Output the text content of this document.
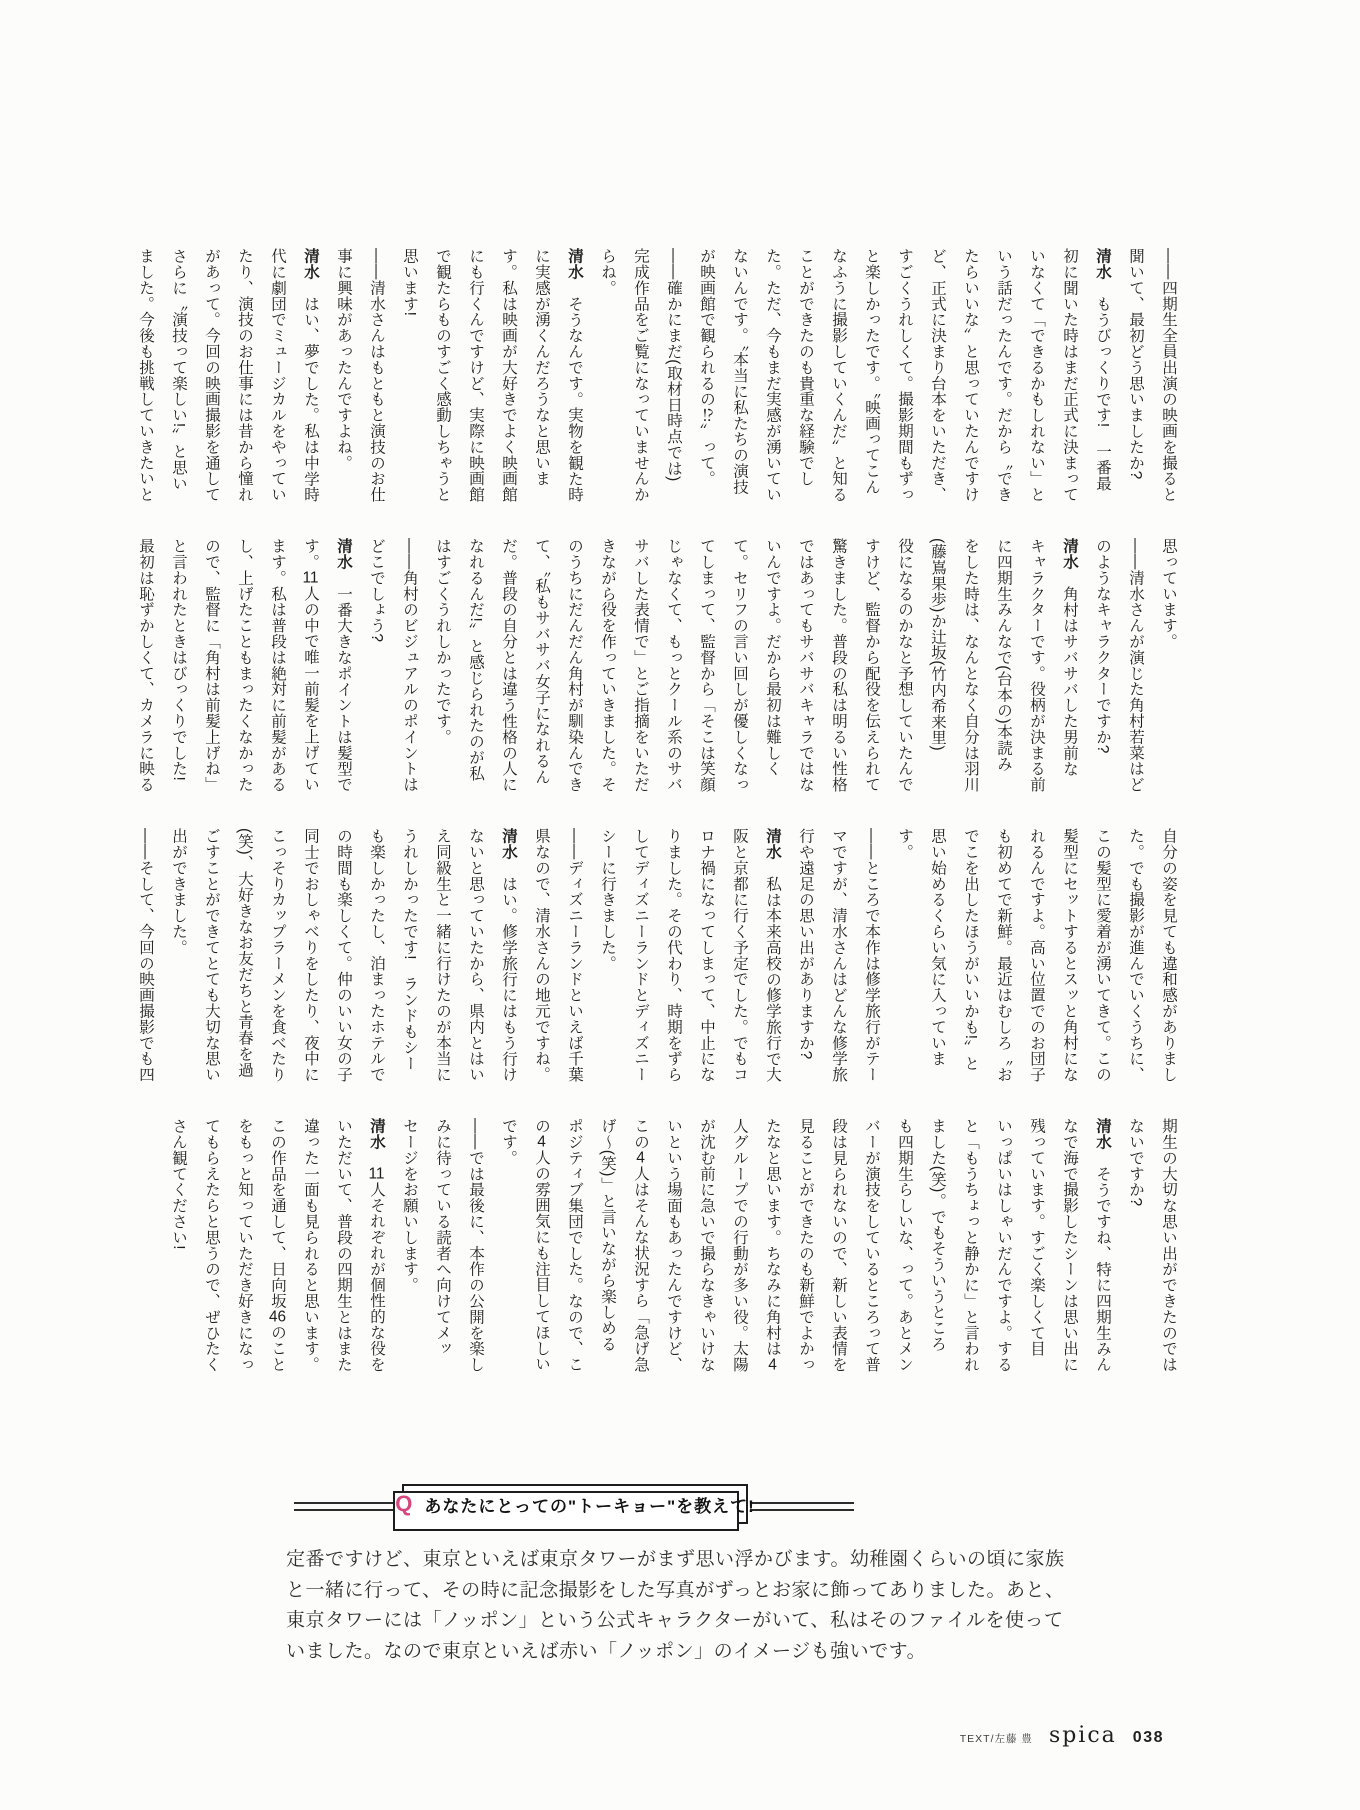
——四期生全員出演の映画を撮ると
聞いて、最初どう思いましたか?
清水　もうびっくりです!　一番最
初に聞いた時はまだ正式に決まって
いなくて「できるかもしれない」と
いう話だったんです。だから〝でき
たらいいな〟と思っていたんですけ
ど、正式に決まり台本をいただき、
すごくうれしくて。撮影期間もずっ
と楽しかったです。〝映画ってこん
なふうに撮影していくんだ〟と知る
ことができたのも貴重な経験でし
た。ただ、今もまだ実感が湧いてい
ないんです。〝本当に私たちの演技
が映画館で観られるの⁉〟って。
——確かにまだ(取材日時点では)
完成作品をご覧になっていませんか
らね。
清水　そうなんです。実物を観た時
に実感が湧くんだろうなと思いま
す。私は映画が大好きでよく映画館
にも行くんですけど、実際に映画館
で観たらものすごく感動しちゃうと
思います!
——清水さんはもともと演技のお仕
事に興味があったんですよね。
清水　はい、夢でした。私は中学時
代に劇団でミュージカルをやってい
たり、演技のお仕事には昔から憧れ
があって。今回の映画撮影を通して
さらに〝演技って楽しい!〟と思い
ました。今後も挑戦していきたいと
思っています。
——清水さんが演じた角村若菜はど
のようなキャラクターですか?
清水　角村はサバサバした男前な
キャラクターです。役柄が決まる前
に四期生みんなで(台本の)本読み
をした時は、なんとなく自分は羽川
(藤嶌果歩)か辻坂(竹内希来里)
役になるのかなと予想していたんで
すけど、監督から配役を伝えられて
驚きました。普段の私は明るい性格
ではあってもサバサバキャラではな
いんですよ。だから最初は難しく
て。セリフの言い回しが優しくなっ
てしまって、監督から「そこは笑顔
じゃなくて、もっとクール系のサバ
サバした表情で」とご指摘をいただ
きながら役を作っていきました。そ
のうちにだんだん角村が馴染んでき
て、〝私もサバサバ女子になれるん
だ。普段の自分とは違う性格の人に
なれるんだ!〟と感じられたのが私
はすごくうれしかったです。
——角村のビジュアルのポイントは
どこでしょう?
清水　一番大きなポイントは髪型で
す。11人の中で唯一前髪を上げてい
ます。私は普段は絶対に前髪がある
し、上げたこともまったくなかった
ので、監督に「角村は前髪上げね」
と言われたときはびっくりでした!
最初は恥ずかしくて、カメラに映る
自分の姿を見ても違和感がありまし
た。でも撮影が進んでいくうちに、
この髪型に愛着が湧いてきて。この
髪型にセットするとスッと角村にな
れるんですよ。高い位置でのお団子
も初めてで新鮮。最近はむしろ〝お
でこを出したほうがいいかも!〟と
思い始めるくらい気に入っていま
す。
——ところで本作は修学旅行がテー
マですが、清水さんはどんな修学旅
行や遠足の思い出がありますか?
清水　私は本来高校の修学旅行で大
阪と京都に行く予定でした。でもコ
ロナ禍になってしまって、中止にな
りました。その代わり、時期をずら
してディズニーランドとディズニー
シーに行きました。
——ディズニーランドといえば千葉
県なので、清水さんの地元ですね。
清水　はい。修学旅行にはもう行け
ないと思っていたから、県内とはい
え同級生と一緒に行けたのが本当に
うれしかったです!　ランドもシー
も楽しかったし、泊まったホテルで
の時間も楽しくて。仲のいい女の子
同士でおしゃべりをしたり、夜中に
こっそりカップラーメンを食べたり
(笑)、大好きなお友だちと青春を過
ごすことができてとても大切な思い
出ができました。
——そして、今回の映画撮影でも四
期生の大切な思い出ができたのでは
ないですか?
清水　そうですね、特に四期生みん
なで海で撮影したシーンは思い出に
残っています。すごく楽しくて目
いっぱいはしゃいだんですよ。する
と「もうちょっと静かに」と言われ
ました(笑)。でもそういうところ
も四期生らしいな、って。あとメン
バーが演技をしているところって普
段は見られないので、新しい表情を
見ることができたのも新鮮でよかっ
たなと思います。ちなみに角村は4
人グループでの行動が多い役。太陽
が沈む前に急いで撮らなきゃいけな
いという場面もあったんですけど、
この4人はそんな状況すら「急げ急
げ〜(笑)」と言いながら楽しめる
ポジティブ集団でした。なので、こ
の4人の雰囲気にも注目してほしい
です。
——では最後に、本作の公開を楽し
みに待っている読者へ向けてメッ
セージをお願いします。
清水　11人それぞれが個性的な役を
いただいて、普段の四期生とはまた
違った一面も見られると思います。
この作品を通して、日向坂46のこと
をもっと知っていただき好きになっ
てもらえたらと思うので、ぜひたく
さん観てください!
Q あなたにとっての"トーキョー"を教えて!
定番ですけど、東京といえば東京タワーがまず思い浮かびます。幼稚園くらいの頃に家族
と一緒に行って、その時に記念撮影をした写真がずっとお家に飾ってありました。あと、
東京タワーには「ノッポン」という公式キャラクターがいて、私はそのファイルを使って
いました。なので東京といえば赤い「ノッポン」のイメージも強いです。
TEXT/左藤 豊 spica 038
